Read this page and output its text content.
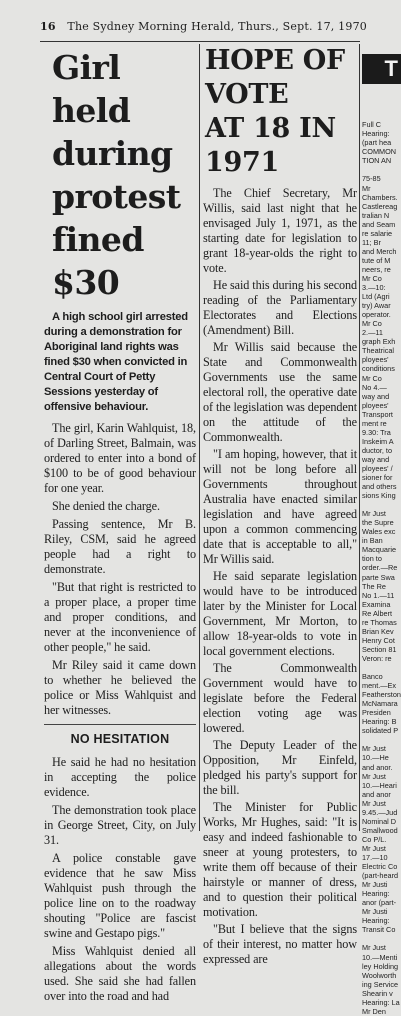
16 The Sydney Morning Herald, Thurs., Sept. 17, 1970
Girl held
during
protest
fined $30
A high school girl arrested during a demonstration for Aboriginal land rights was fined $30 when convicted in Central Court of Petty Sessions yesterday of offensive behaviour.

The girl, Karin Wahlquist, 18, of Darling Street, Balmain, was ordered to enter into a bond of $100 to be of good behaviour for one year.

She denied the charge.

Passing sentence, Mr B. Riley, CSM, said he agreed people had a right to demonstrate.

"But that right is restricted to a proper place, a proper time and proper conditions, and never at the inconvenience of other people," he said.

Mr Riley said it came down to whether he believed the police or Miss Wahlquist and her witnesses.

NO HESITATION

He said he had no hesitation in accepting the police evidence.

The demonstration took place in George Street, City, on July 31.

A police constable gave evidence that he saw Miss Wahlquist push through the police line on to the roadway shouting "Police are fascist swine and Gestapo pigs."

Miss Wahlquist denied all allegations about the words used. She said she had fallen over into the road and had

HOPE OF
VOTE
AT 18 IN
1971

The Chief Secretary, Mr Willis, said last night that he envisaged July 1, 1971, as the starting date for legislation to grant 18-year-olds the right to vote.

He said this during his second reading of the Parliamentary Electorates and Elections (Amendment) Bill.

Mr Willis said because the State and Commonwealth Governments use the same electoral roll, the operative date of the legislation was dependent on the attitude of the Commonwealth.

"I am hoping, however, that it will not be long before all Governments throughout Australia have enacted similar legislation and have agreed upon a common commencing date that is acceptable to all," Mr Willis said.

He said separate legislation would have to be introduced later by the Minister for Local Government, Mr Morton, to allow 18-year-olds to vote in local government elections.

The Commonwealth Government would have to legislate before the Federal election voting age was lowered.

The Deputy Leader of the Opposition, Mr Einfeld, pledged his party's support for the bill.

The Minister for Public Works, Mr Hughes, said: "It is easy and indeed fashionable to sneer at young protesters, to write them off because of their hairstyle or manner of dress, and to question their political motivation.

"But I believe that the signs of their interest, no matter how expressed are

T

Full C
Hearing:
(part hea
COMMON
TION AN

75-85
Mr
Chambers.
Castlereag
tralian N
and Seam
re salarie
11; Br
and Merch
tute of M
neers, re
Mr Co
3.—10:
Ltd (Agri
try) Awar
operator.
Mr Co
2.—11
graph Exh
Theatrical
ployees'
conditions
Mr Co
No 4.—
way and
ployees'
Transport
ment re
9.30: Tra
Inskeim A
ductor, to
way and
ployees' /
sioner for
and others
sions King

Mr Just
the Supre
Wales exc
in Ban
Macquarie
tion to
order.—Re
parte Swa
The Re
No 1.—11
Examina
Re Albert
re Thomas
Brian Kev
Henry Cot
Section 81
Veron: re

Banco
ment.—Ex
Featherston
McNamara
Presiden
Hearing: B
solidated P

Mr Just
10.—He
and anor.
Mr Just
10.—Heari
and anor
Mr Just
9.45.—Jud
Nominal D
Smallwood
Co P/L.
Mr Just
17.—10
Electric Co
(part-heard
Mr Justi
Hearing:
anor (part-
Mr Justi
Hearing:
Transit Co

Mr Just
10.—Menti
ley Holding
Woolworth
ing Service
Shearin v
Hearing: La
Mr Den
